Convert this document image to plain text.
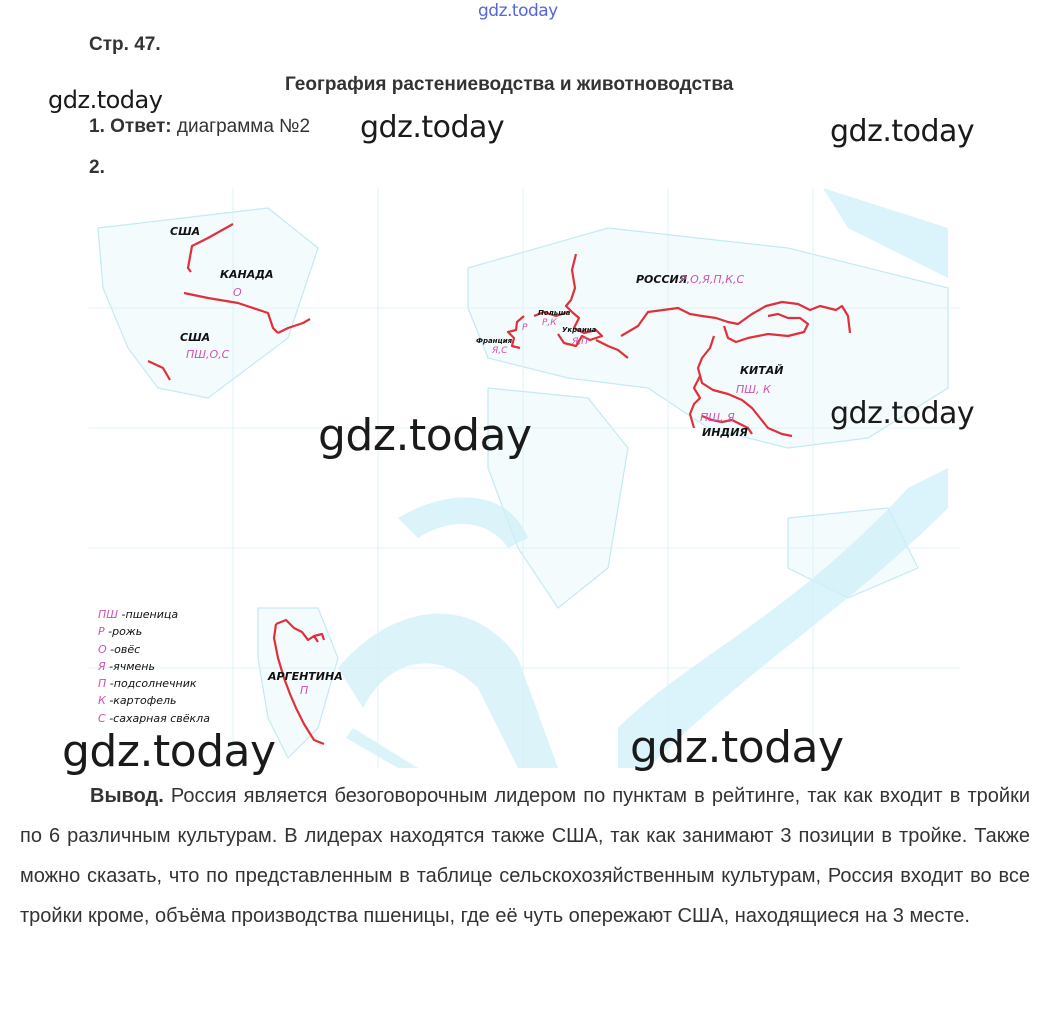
gdz.today
gdz.today
gdz.today	gdz.today
Стр. 47.
География растениеводства и животноводства
1. Ответ: диаграмма №2
2.
США
КАНАДА
США
РОССИЯ
КИТАЙ
ИНДИЯ
АРГЕНТИНА
Франция
Польша
Украина
О
ПШ,О,С
Р,О,Я,П,К,С
ПШ, К
ПШ, Я
П
Я,С
Р,К
Я,П
Р
gdz.today
gdz.today
ПШ -пшеница
Р -рожь
О -овёс
Я -ячмень
П -подсолнечник
К -картофель
С -сахарная свёкла
gdz.today	gdz.today
Вывод. Россия является безоговорочным лидером по пунктам в рейтинге, так как входит в тройки по 6 различным культурам. В лидерах находятся также США, так как занимают 3 позиции в тройке. Также можно сказать, что по представленным в таблице сельскохозяйственным культурам, Россия входит во все тройки кроме, объёма производства пшеницы, где её чуть опережают США, находящиеся на 3 месте.
